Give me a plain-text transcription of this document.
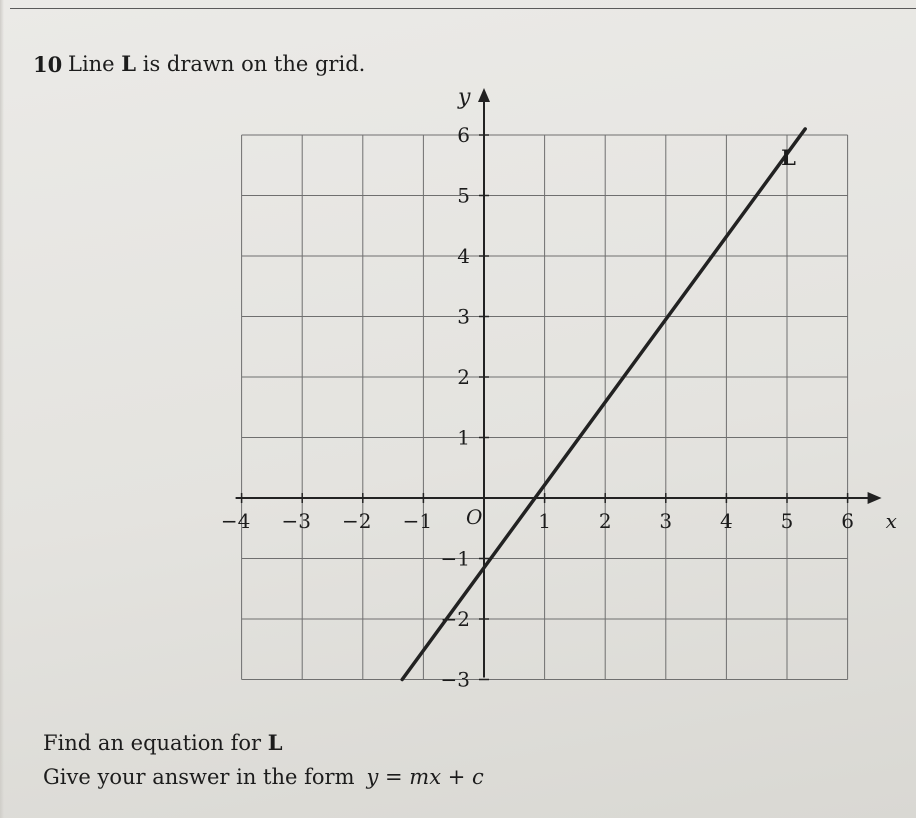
10 Line L is drawn on the grid.
−4 −3 −2 −1	1 2 3 4 5 6
6
5
4
3
2
1
−1
−2
−3
O	x
y
L
Find an equation for L
Give your answer in the form y = mx + c
